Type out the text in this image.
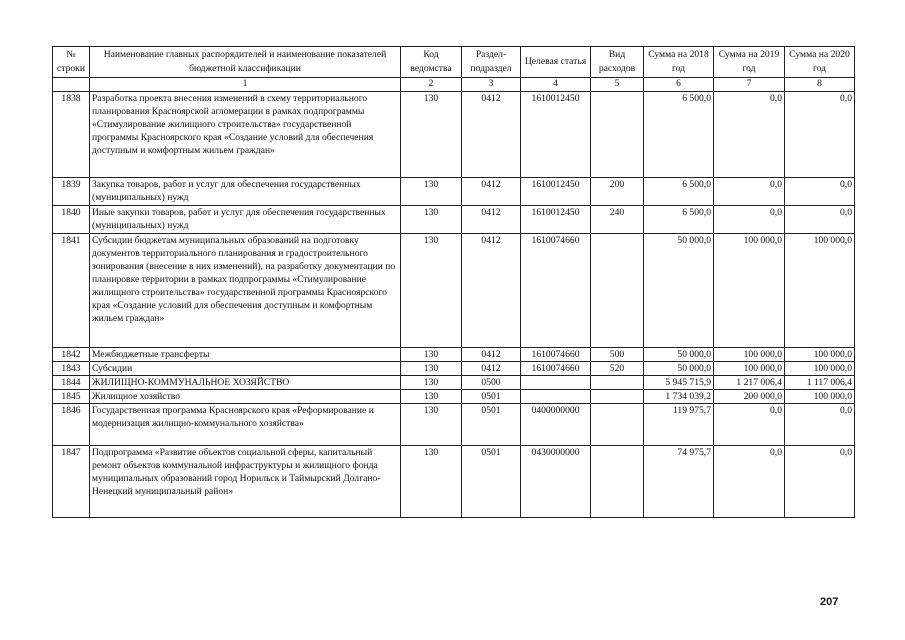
№ строки	Наименование главных распорядителей и наименование показателей бюджетной классификации	Код ведомства	Раздел-подраздел	Целевая статья	Вид расходов	Сумма на 2018 год	Сумма на 2019 год	Сумма на 2020 год
	1	2	3	4	5	6	7	8
1838	Разработка проекта внесения изменений в схему территориального планирования Красноярской агломерации в рамках подпрограммы «Стимулирование жилищного строительства» государственной программы Красноярского края «Создание условий для обеспечения доступным и комфортным жильем граждан»	130	0412	1610012450		6 500,0	0,0	0,0
1839	Закупка товаров, работ и услуг для обеспечения государственных (муниципальных) нужд	130	0412	1610012450	200	6 500,0	0,0	0,0
1840	Иные закупки товаров, работ и услуг для обеспечения государственных (муниципальных) нужд	130	0412	1610012450	240	6 500,0	0,0	0,0
1841	Субсидии бюджетам муниципальных образований на подготовку документов территориального планирования и градостроительного зонирования (внесение в них изменений), на разработку документации по планировке территории в рамках подпрограммы «Стимулирование жилищного строительства» государственной программы Красноярского края «Создание условий для обеспечения доступным и комфортным жильем граждан»	130	0412	1610074660		50 000,0	100 000,0	100 000,0
1842	Межбюджетные трансферты	130	0412	1610074660	500	50 000,0	100 000,0	100 000,0
1843	Субсидии	130	0412	1610074660	520	50 000,0	100 000,0	100 000,0
1844	ЖИЛИЩНО-КОММУНАЛЬНОЕ ХОЗЯЙСТВО	130	0500			5 945 715,9	1 217 006,4	1 117 006,4
1845	Жилищное хозяйство	130	0501			1 734 039,2	200 000,0	100 000,0
1846	Государственная программа Красноярского края «Реформирование и модернизация жилищно-коммунального хозяйства»	130	0501	0400000000		119 975,7	0,0	0,0
1847	Подпрограмма «Развитие объектов социальной сферы, капитальный ремонт объектов коммунальной инфраструктуры и жилищного фонда муниципальных образований город Норильск и Таймырский Долгано-Ненецкий муниципальный район»	130	0501	0430000000		74 975,7	0,0	0,0
207
